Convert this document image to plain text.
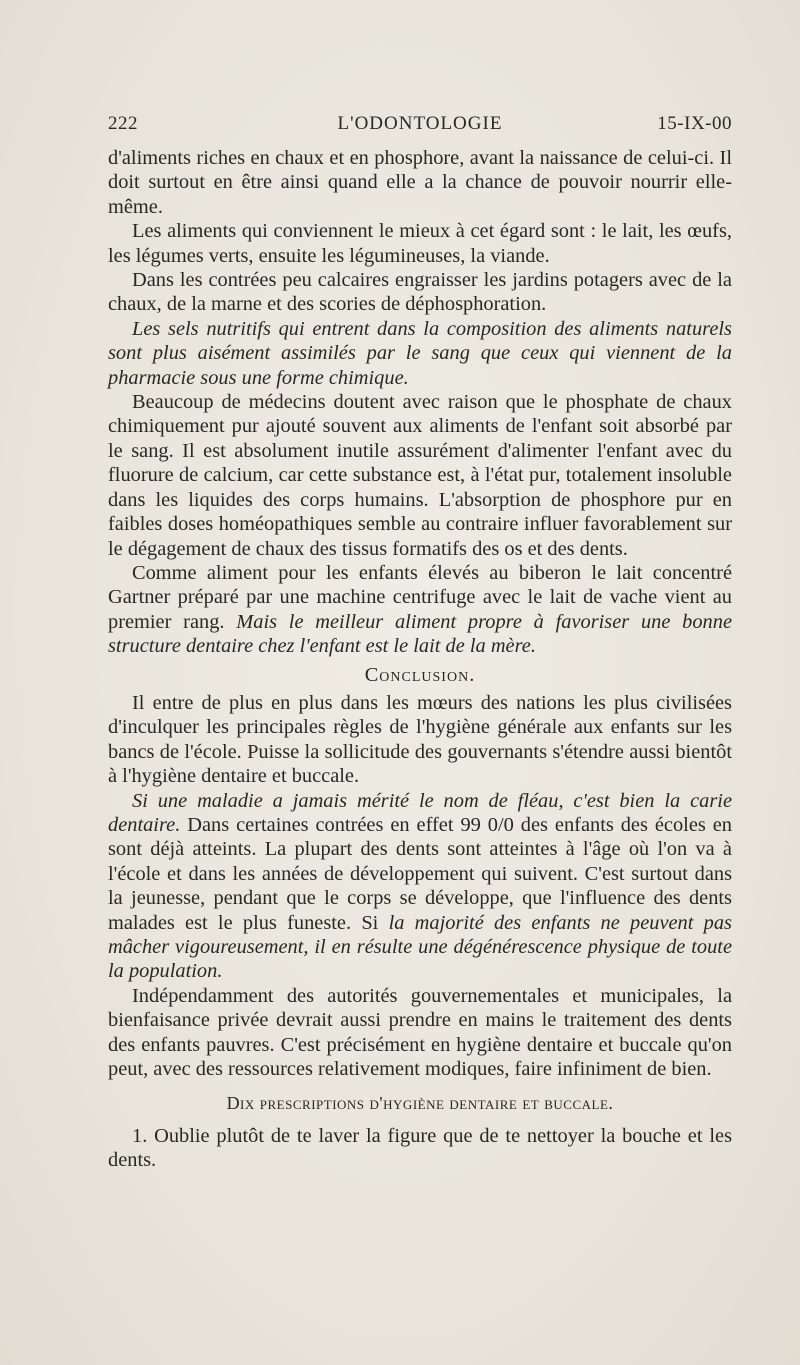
222	L'ODONTOLOGIE	15-IX-00

d'aliments riches en chaux et en phosphore, avant la naissance de celui-ci. Il doit surtout en être ainsi quand elle a la chance de pouvoir nourrir elle-même.

Les aliments qui conviennent le mieux à cet égard sont : le lait, les œufs, les légumes verts, ensuite les légumineuses, la viande.

Dans les contrées peu calcaires engraisser les jardins potagers avec de la chaux, de la marne et des scories de déphosphoration.

Les sels nutritifs qui entrent dans la composition des aliments naturels sont plus aisément assimilés par le sang que ceux qui viennent de la pharmacie sous une forme chimique.

Beaucoup de médecins doutent avec raison que le phosphate de chaux chimiquement pur ajouté souvent aux aliments de l'enfant soit absorbé par le sang. Il est absolument inutile assurément d'alimenter l'enfant avec du fluorure de calcium, car cette substance est, à l'état pur, totalement insoluble dans les liquides des corps humains. L'absorption de phosphore pur en faibles doses homéopathiques semble au contraire influer favorablement sur le dégagement de chaux des tissus formatifs des os et des dents.

Comme aliment pour les enfants élevés au biberon le lait concentré Gartner préparé par une machine centrifuge avec le lait de vache vient au premier rang. Mais le meilleur aliment propre à favoriser une bonne structure dentaire chez l'enfant est le lait de la mère.

Conclusion.

Il entre de plus en plus dans les mœurs des nations les plus civilisées d'inculquer les principales règles de l'hygiène générale aux enfants sur les bancs de l'école. Puisse la sollicitude des gouvernants s'étendre aussi bientôt à l'hygiène dentaire et buccale.

Si une maladie a jamais mérité le nom de fléau, c'est bien la carie dentaire. Dans certaines contrées en effet 99 0/0 des enfants des écoles en sont déjà atteints. La plupart des dents sont atteintes à l'âge où l'on va à l'école et dans les années de développement qui suivent. C'est surtout dans la jeunesse, pendant que le corps se développe, que l'influence des dents malades est le plus funeste. Si la majorité des enfants ne peuvent pas mâcher vigoureusement, il en résulte une dégénérescence physique de toute la population.

Indépendamment des autorités gouvernementales et municipales, la bienfaisance privée devrait aussi prendre en mains le traitement des dents des enfants pauvres. C'est précisément en hygiène dentaire et buccale qu'on peut, avec des ressources relativement modiques, faire infiniment de bien.

Dix prescriptions d'hygiène dentaire et buccale.

1. Oublie plutôt de te laver la figure que de te nettoyer la bouche et les dents.
